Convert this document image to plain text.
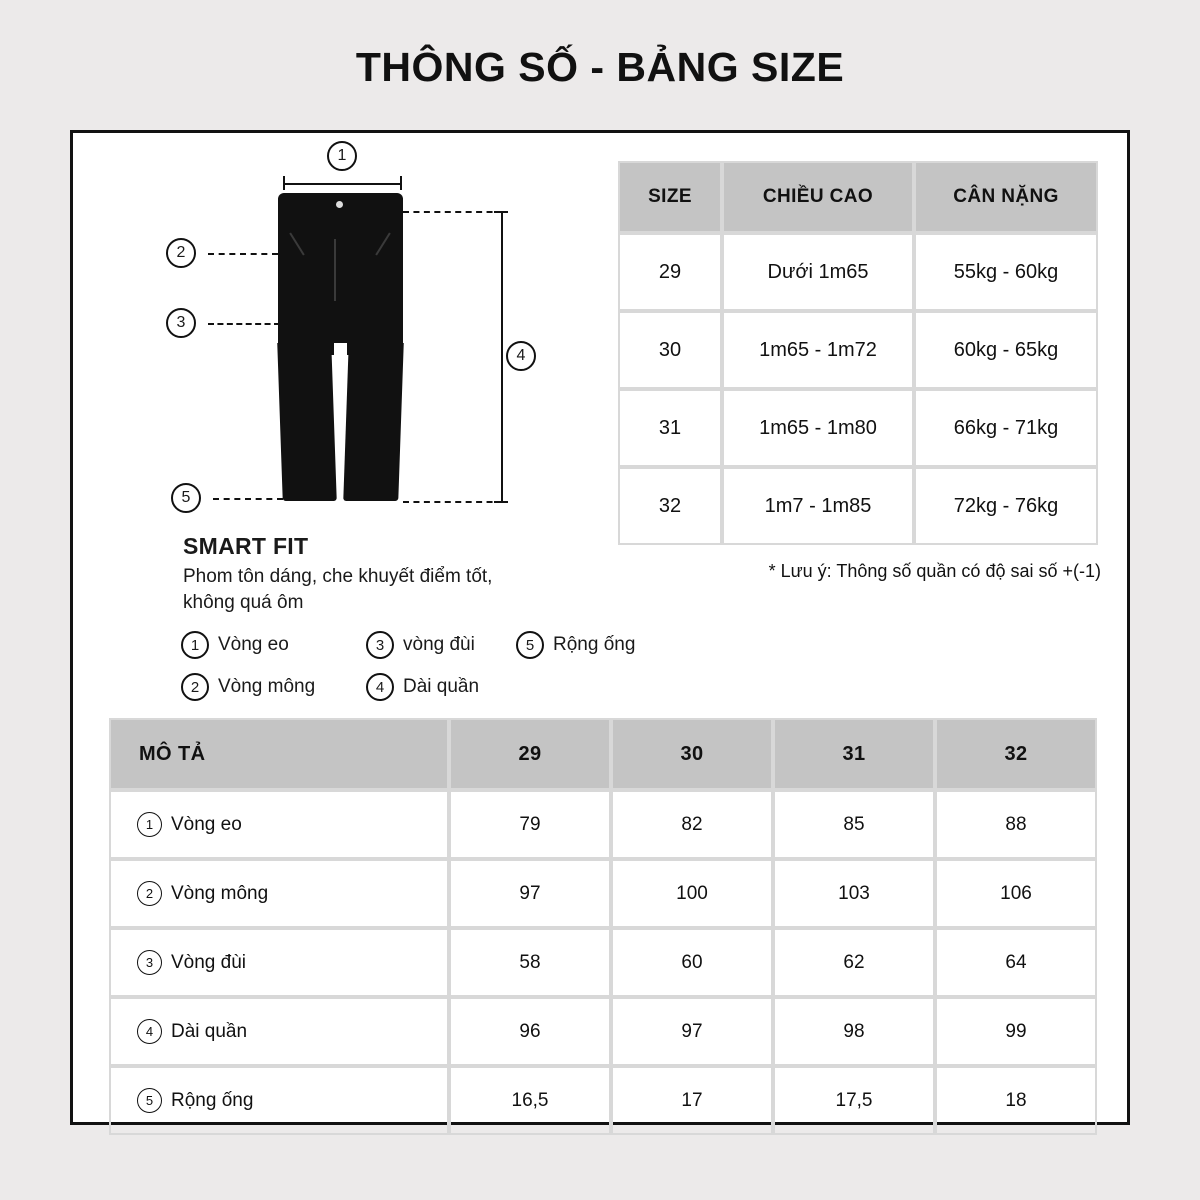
THÔNG SỐ - BẢNG SIZE
1
2
3
4
5
SMART FIT
Phom tôn dáng, che khuyết điểm tốt,
không quá ôm
1 Vòng eo	3 vòng đùi	5 Rộng ống
2 Vòng mông	4 Dài quần
SIZE	CHIỀU CAO	CÂN NẶNG
29	Dưới 1m65	55kg - 60kg
30	1m65 - 1m72	60kg - 65kg
31	1m65 - 1m80	66kg - 71kg
32	1m7 - 1m85	72kg - 76kg
* Lưu ý: Thông số quần có độ sai số +(-1)
MÔ TẢ	29	30	31	32

1 Vòng eo	79	82	85	88

2 Vòng mông	97	100	103	106

3 Vòng đùi	58	60	62	64

4 Dài quần	96	97	98	99

5 Rộng ống	16,5	17	17,5	18
